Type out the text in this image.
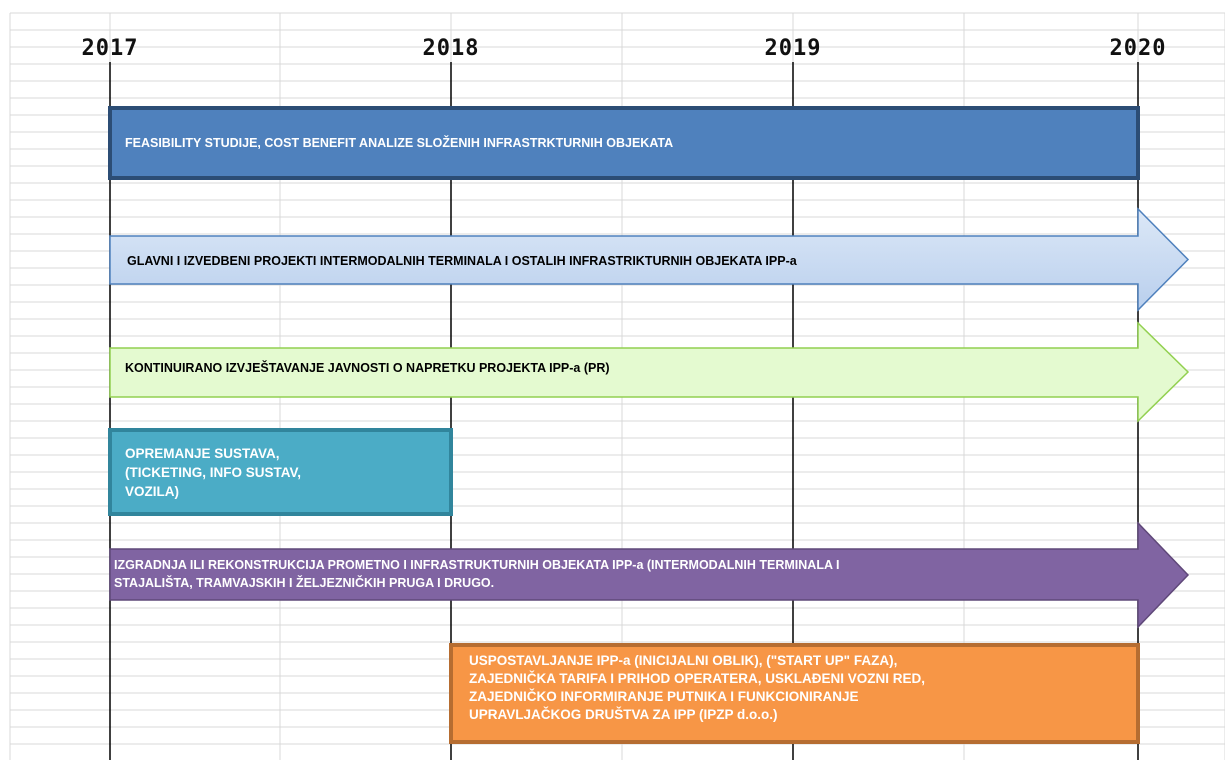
2017	2018	2019	2020
FEASIBILITY STUDIJE, COST BENEFIT ANALIZE SLOŽENIH INFRASTRKTURNIH OBJEKATA
GLAVNI I IZVEDBENI PROJEKTI INTERMODALNIH TERMINALA I OSTALIH INFRASTRIKTURNIH OBJEKATA IPP-a
KONTINUIRANO IZVJEŠTAVANJE JAVNOSTI O NAPRETKU PROJEKTA IPP-a (PR)
OPREMANJE SUSTAVA,
(TICKETING, INFO SUSTAV,
VOZILA)
IZGRADNJA ILI REKONSTRUKCIJA PROMETNO I INFRASTRUKTURNIH OBJEKATA IPP-a (INTERMODALNIH TERMINALA I
STAJALIŠTA, TRAMVAJSKIH I ŽELJEZNIČKIH PRUGA I DRUGO.
USPOSTAVLJANJE IPP-a (INICIJALNI OBLIK), ("START UP" FAZA),
ZAJEDNIČKA TARIFA I PRIHOD OPERATERA, USKLAĐENI VOZNI RED,
ZAJEDNIČKO INFORMIRANJE PUTNIKA I FUNKCIONIRANJE
UPRAVLJAČKOG DRUŠTVA ZA IPP (IPZP d.o.o.)
